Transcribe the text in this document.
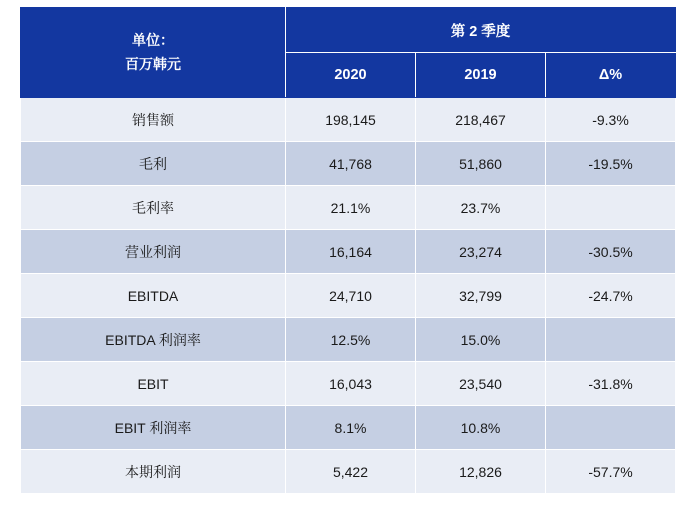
单位：
百万韩元	第 2 季度		
	2020	2019	Δ%
销售额	198,145	218,467	-9.3%
毛利	41,768	51,860	-19.5%
毛利率	21.1%	23.7%	
营业利润	16,164	23,274	-30.5%
EBITDA	24,710	32,799	-24.7%
EBITDA 利润率	12.5%	15.0%	
EBIT	16,043	23,540	-31.8%
EBIT 利润率	8.1%	10.8%	
本期利润	5,422	12,826	-57.7%
